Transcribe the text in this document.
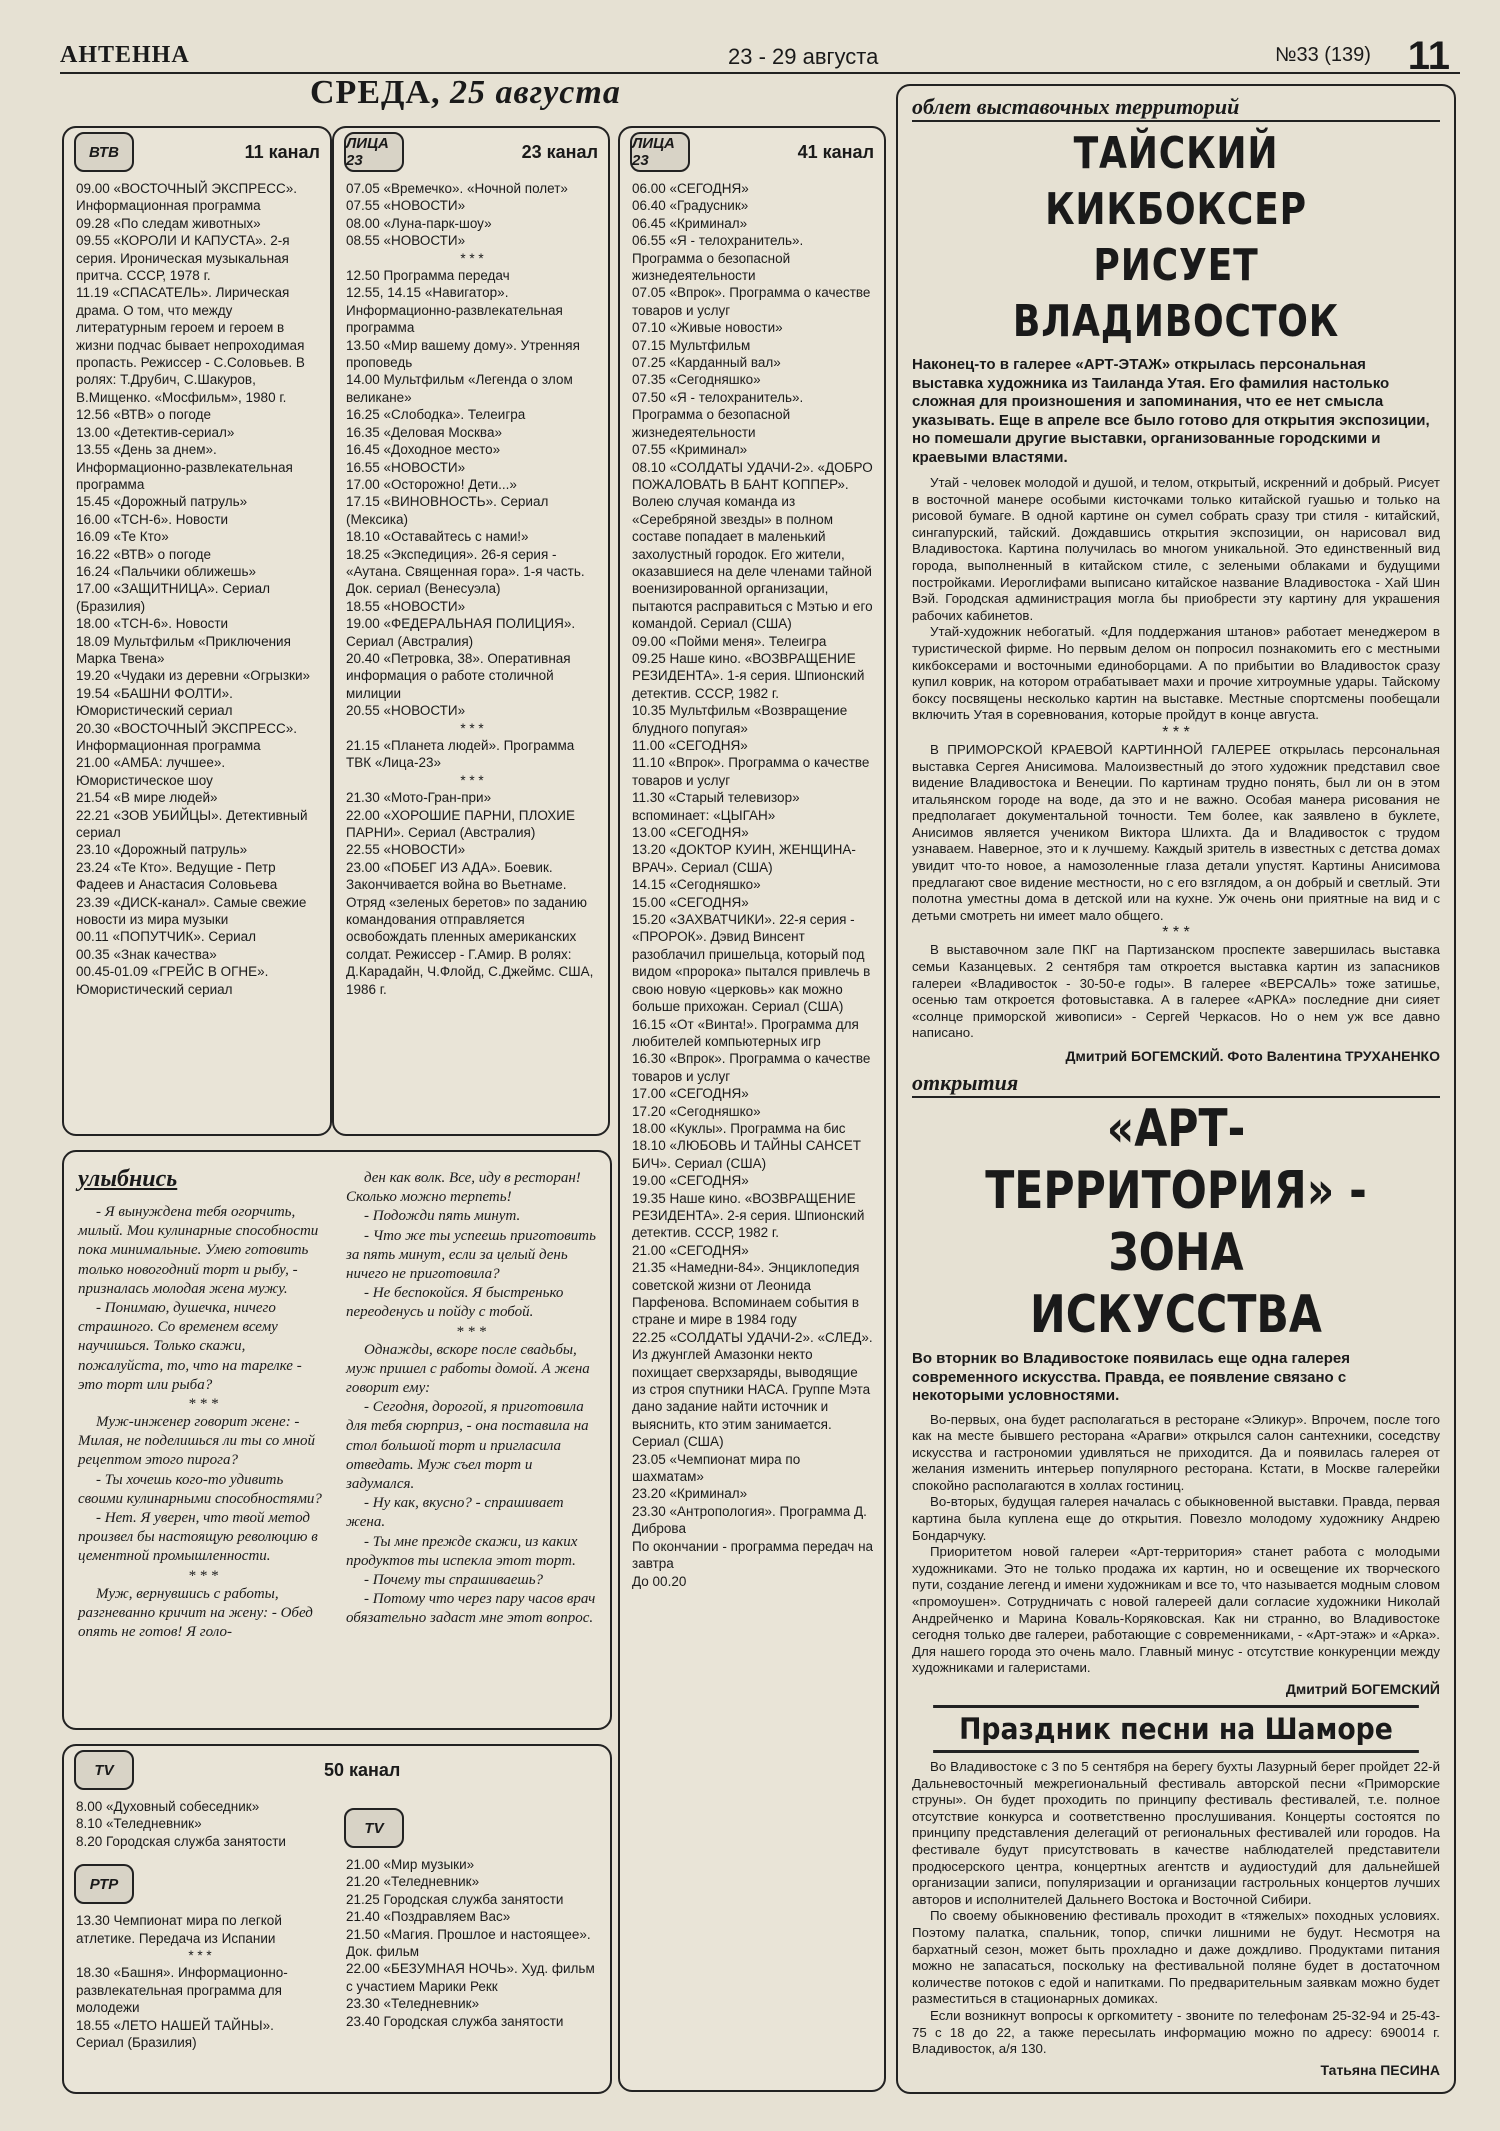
АНТЕННА	23 - 29 августа	№33 (139) 11
СРЕДА, 25 августа
ВТВ	11 канал
09.00 «ВОСТОЧНЫЙ ЭКСПРЕСС». Информационная программа
09.28 «По следам животных»
09.55 «КОРОЛИ И КАПУСТА». 2-я серия. Ироническая музыкальная притча. СССР, 1978 г.
11.19 «СПАСАТЕЛЬ». Лирическая драма. О том, что между литературным героем и героем в жизни подчас бывает непроходимая пропасть. Режиссер - С.Соловьев. В ролях: Т.Друбич, С.Шакуров, В.Мищенко. «Мосфильм», 1980 г.
12.56 «ВТВ» о погоде
13.00 «Детектив-сериал»
13.55 «День за днем». Информационно-развлекательная программа
15.45 «Дорожный патруль»
16.00 «ТСН-6». Новости
16.09 «Те Кто»
16.22 «ВТВ» о погоде
16.24 «Пальчики оближешь»
17.00 «ЗАЩИТНИЦА». Сериал (Бразилия)
18.00 «ТСН-6». Новости
18.09 Мультфильм «Приключения Марка Твена»
19.20 «Чудаки из деревни «Огрызки»
19.54 «БАШНИ ФОЛТИ». Юмористический сериал
20.30 «ВОСТОЧНЫЙ ЭКСПРЕСС». Информационная программа
21.00 «АМБА: лучшее». Юмористическое шоу
21.54 «В мире людей»
22.21 «ЗОВ УБИЙЦЫ». Детективный сериал
23.10 «Дорожный патруль»
23.24 «Те Кто». Ведущие - Петр Фадеев и Анастасия Соловьева
23.39 «ДИСК-канал». Самые свежие новости из мира музыки
00.11 «ПОПУТЧИК». Сериал
00.35 «Знак качества»
00.45-01.09 «ГРЕЙС В ОГНЕ». Юмористический сериал
ЛИЦА 23	23 канал
07.05 «Времечко». «Ночной полет»
07.55 «НОВОСТИ»
08.00 «Луна-парк-шоу»
08.55 «НОВОСТИ»
* * *
12.50 Программа передач
12.55, 14.15 «Навигатор». Информационно-развлекательная программа
13.50 «Мир вашему дому». Утренняя проповедь
14.00 Мультфильм «Легенда о злом великане»
16.25 «Слободка». Телеигра
16.35 «Деловая Москва»
16.45 «Доходное место»
16.55 «НОВОСТИ»
17.00 «Осторожно! Дети...»
17.15 «ВИНОВНОСТЬ». Сериал (Мексика)
18.10 «Оставайтесь с нами!»
18.25 «Экспедиция». 26-я серия - «Аутана. Священная гора». 1-я часть. Док. сериал (Венесуэла)
18.55 «НОВОСТИ»
19.00 «ФЕДЕРАЛЬНАЯ ПОЛИЦИЯ». Сериал (Австралия)
20.40 «Петровка, 38». Оперативная информация о работе столичной милиции
20.55 «НОВОСТИ»
* * *
21.15 «Планета людей». Программа ТВК «Лица-23»
* * *
21.30 «Мото-Гран-при»
22.00 «ХОРОШИЕ ПАРНИ, ПЛОХИЕ ПАРНИ». Сериал (Австралия)
22.55 «НОВОСТИ»
23.00 «ПОБЕГ ИЗ АДА». Боевик. Закончивается война во Вьетнаме. Отряд «зеленых беретов» по заданию командования отправляется освобождать пленных американских солдат. Режиссер - Г.Амир. В ролях: Д.Карадайн, Ч.Флойд, С.Джеймс. США, 1986 г.
ЛИЦА 23	41 канал
06.00 «СЕГОДНЯ»
06.40 «Градусник»
06.45 «Криминал»
06.55 «Я - телохранитель». Программа о безопасной жизнедеятельности
07.05 «Впрок». Программа о качестве товаров и услуг
07.10 «Живые новости»
07.15 Мультфильм
07.25 «Карданный вал»
07.35 «Сегодняшко»
07.50 «Я - телохранитель». Программа о безопасной жизнедеятельности
07.55 «Криминал»
08.10 «СОЛДАТЫ УДАЧИ-2». «ДОБРО ПОЖАЛОВАТЬ В БАНТ КОППЕР». Волею случая команда из «Серебряной звезды» в полном составе попадает в маленький захолустный городок. Его жители, оказавшиеся на деле членами тайной военизированной организации, пытаются расправиться с Мэтью и его командой. Сериал (США)
09.00 «Пойми меня». Телеигра
09.25 Наше кино. «ВОЗВРАЩЕНИЕ РЕЗИДЕНТА». 1-я серия. Шпионский детектив. СССР, 1982 г.
10.35 Мультфильм «Возвращение блудного попугая»
11.00 «СЕГОДНЯ»
11.10 «Впрок». Программа о качестве товаров и услуг
11.30 «Старый телевизор» вспоминает: «ЦЫГАН»
13.00 «СЕГОДНЯ»
13.20 «ДОКТОР КУИН, ЖЕНЩИНА-ВРАЧ». Сериал (США)
14.15 «Сегодняшко»
15.00 «СЕГОДНЯ»
15.20 «ЗАХВАТЧИКИ». 22-я серия - «ПРОРОК». Дэвид Винсент разоблачил пришельца, который под видом «пророка» пытался привлечь в свою новую «церковь» как можно больше прихожан. Сериал (США)
16.15 «От «Винта!». Программа для любителей компьютерных игр
16.30 «Впрок». Программа о качестве товаров и услуг
17.00 «СЕГОДНЯ»
17.20 «Сегодняшко»
18.00 «Куклы». Программа на бис
18.10 «ЛЮБОВЬ И ТАЙНЫ САНСЕТ БИЧ». Сериал (США)
19.00 «СЕГОДНЯ»
19.35 Наше кино. «ВОЗВРАЩЕНИЕ РЕЗИДЕНТА». 2-я серия. Шпионский детектив. СССР, 1982 г.
21.00 «СЕГОДНЯ»
21.35 «Намедни-84». Энциклопедия советской жизни от Леонида Парфенова. Вспоминаем события в стране и мире в 1984 году
22.25 «СОЛДАТЫ УДАЧИ-2». «СЛЕД». Из джунглей Амазонки некто похищает сверхзаряды, выводящие из строя спутники НАСА. Группе Мэта дано задание найти источник и выяснить, кто этим занимается. Сериал (США)
23.05 «Чемпионат мира по шахматам»
23.20 «Криминал»
23.30 «Антропология». Программа Д. Диброва
По окончании - программа передач на завтра
До 00.20
улыбнись

- Я вынуждена тебя огорчить, милый. Мои кулинарные способности пока минимальные. Умею готовить только новогодний торт и рыбу, - призналась молодая жена мужу.

- Понимаю, душечка, ничего страшного. Со временем всему научишься. Только скажи, пожалуйста, то, что на тарелке - это торт или рыба?

* * *

Муж-инженер говорит жене: - Милая, не поделишься ли ты со мной рецептом этого пирога?

- Ты хочешь кого-то удивить своими кулинарными способностями?

- Нет. Я уверен, что твой метод произвел бы настоящую революцию в цементной промышленности.

* * *

Муж, вернувшись с работы, разгневанно кричит на жену: - Обед опять не готов! Я голо-

ден как волк. Все, иду в ресторан! Сколько можно терпеть!

- Подожди пять минут.

- Что же ты успеешь приготовить за пять минут, если за целый день ничего не приготовила?

- Не беспокойся. Я быстренько переоденусь и пойду с тобой.

* * *

Однажды, вскоре после свадьбы, муж пришел с работы домой. А жена говорит ему:

- Сегодня, дорогой, я приготовила для тебя сюрприз, - она поставила на стол большой торт и пригласила отведать. Муж съел торт и задумался.

- Ну как, вкусно? - спрашивает жена.

- Ты мне прежде скажи, из каких продуктов ты испекла этот торт.

- Почему ты спрашиваешь?

- Потому что через пару часов врач обязательно задаст мне этот вопрос.

TV
8.00 «Духовный собеседник»
8.10 «Теледневник»
8.20 Городская служба занятости
РТР
13.30 Чемпионат мира по легкой атлетике. Передача из Испании
* * *
18.30 «Башня». Информационно-развлекательная программа для молодежи
18.55 «ЛЕТО НАШЕЙ ТАЙНЫ». Сериал (Бразилия)
50 канал
TV
21.00 «Мир музыки»
21.20 «Теледневник»
21.25 Городская служба занятости
21.40 «Поздравляем Вас»
21.50 «Магия. Прошлое и настоящее». Док. фильм
22.00 «БЕЗУМНАЯ НОЧЬ». Худ. фильм с участием Марики Рекк
23.30 «Теледневник»
23.40 Городская служба занятости
облет выставочных территорий
ТАЙСКИЙ КИКБОКСЕР РИСУЕТ ВЛАДИВОСТОК
Наконец-то в галерее «АРТ-ЭТАЖ» открылась персональная выставка художника из Таиланда Утая. Его фамилия настолько сложная для произношения и запоминания, что ее нет смысла указывать. Еще в апреле все было готово для открытия экспозиции, но помешали другие выставки, организованные городскими и краевыми властями.

Утай - человек молодой и душой, и телом, открытый, искренний и добрый. Рисует в восточной манере особыми кисточками только китайской гуашью и только на рисовой бумаге. В одной картине он сумел собрать сразу три стиля - китайский, сингапурский, тайский. Дождавшись открытия экспозиции, он нарисовал вид Владивостока. Картина получилась во многом уникальной. Это единственный вид города, выполненный в китайском стиле, с зелеными облаками и будущими постройками. Иероглифами выписано китайское название Владивостока - Хай Шин Вэй. Городская администрация могла бы приобрести эту картину для украшения рабочих кабинетов.

Утай-художник небогатый. «Для поддержания штанов» работает менеджером в туристической фирме. Но первым делом он попросил познакомить его с местными кикбоксерами и восточными единоборцами. А по прибытии во Владивосток сразу купил коврик, на котором отрабатывает махи и прочие хитроумные удары. Тайскому боксу посвящены несколько картин на выставке. Местные спортсмены пообещали включить Утая в соревнования, которые пройдут в конце августа.

* * *

В ПРИМОРСКОЙ КРАЕВОЙ КАРТИННОЙ ГАЛЕРЕЕ открылась персональная выставка Сергея Анисимова. Малоизвестный до этого художник представил свое видение Владивостока и Венеции. По картинам трудно понять, был ли он в этом итальянском городе на воде, да это и не важно. Особая манера рисования не предполагает документальной точности. Тем более, как заявлено в буклете, Анисимов является учеником Виктора Шлихта. Да и Владивосток с трудом узнаваем. Наверное, это и к лучшему. Каждый зритель в известных с детства домах увидит что-то новое, а намозоленные глаза детали упустят. Картины Анисимова предлагают свое видение местности, но с его взглядом, а он добрый и светлый. Эти полотна уместны дома в детской или на кухне. Уж очень они приятные на вид и с детьми смотреть ни имеет мало общего.

* * *

В выставочном зале ПКГ на Партизанском проспекте завершилась выставка семьи Казанцевых. 2 сентября там откроется выставка картин из запасников галереи «Владивосток - 30-50-е годы». В галерее «ВЕРСАЛЬ» тоже затишье, осенью там откроется фотовыставка. А в галерее «АРКА» последние дни сияет «солнце приморской живописи» - Сергей Черкасов. Но о нем уж все давно написано.

Дмитрий БОГЕМСКИЙ. Фото Валентина ТРУХАНЕНКО
открытия
«АРТ-ТЕРРИТОРИЯ» - ЗОНА ИСКУССТВА
Во вторник во Владивостоке появилась еще одна галерея современного искусства. Правда, ее появление связано с некоторыми условностями.

Во-первых, она будет располагаться в ресторане «Эликур». Впрочем, после того как на месте бывшего ресторана «Арагви» открылся салон сантехники, соседству искусства и гастрономии удивляться не приходится. Да и появилась галерея от желания изменить интерьер популярного ресторана. Кстати, в Москве галерейки спокойно располагаются в холлах гостиниц.

Во-вторых, будущая галерея началась с обыкновенной выставки. Правда, первая картина была куплена еще до открытия. Повезло молодому художнику Андрею Бондарчуку.

Приоритетом новой галереи «Арт-территория» станет работа с молодыми художниками. Это не только продажа их картин, но и освещение их творческого пути, создание легенд и имени художникам и все то, что называется модным словом «промоушен». Сотрудничать с новой галереей дали согласие художники Николай Андрейченко и Марина Коваль-Коряковская. Как ни странно, во Владивостоке сегодня только две галереи, работающие с современниками, - «Арт-этаж» и «Арка». Для нашего города это очень мало. Главный минус - отсутствие конкуренции между художниками и галеристами.

Дмитрий БОГЕМСКИЙ
Праздник песни на Шаморе

Во Владивостоке с 3 по 5 сентября на берегу бухты Лазурный берег пройдет 22-й Дальневосточный межрегиональный фестиваль авторской песни «Приморские струны». Он будет проходить по принципу фестиваль фестивалей, т.е. полное отсутствие конкурса и соответственно прослушивания. Концерты состоятся по принципу представления делегаций от региональных фестивалей или городов. На фестивале будут присутствовать в качестве наблюдателей представители продюсерского центра, концертных агентств и аудиостудий для дальнейшей организации записи, популяризации и организации гастрольных концертов лучших авторов и исполнителей Дальнего Востока и Восточной Сибири.

По своему обыкновению фестиваль проходит в «тяжелых» походных условиях. Поэтому палатка, спальник, топор, спички лишними не будут. Несмотря на бархатный сезон, может быть прохладно и даже дождливо. Продуктами питания можно не запасаться, поскольку на фестивальной поляне будет в достаточном количестве потоков с едой и напитками. По предварительным заявкам можно будет разместиться в стационарных домиках.

Если возникнут вопросы к оргкомитету - звоните по телефонам 25-32-94 и 25-43-75 с 18 до 22, а также пересылать информацию можно по адресу: 690014 г. Владивосток, а/я 130.

Татьяна ПЕСИНА
